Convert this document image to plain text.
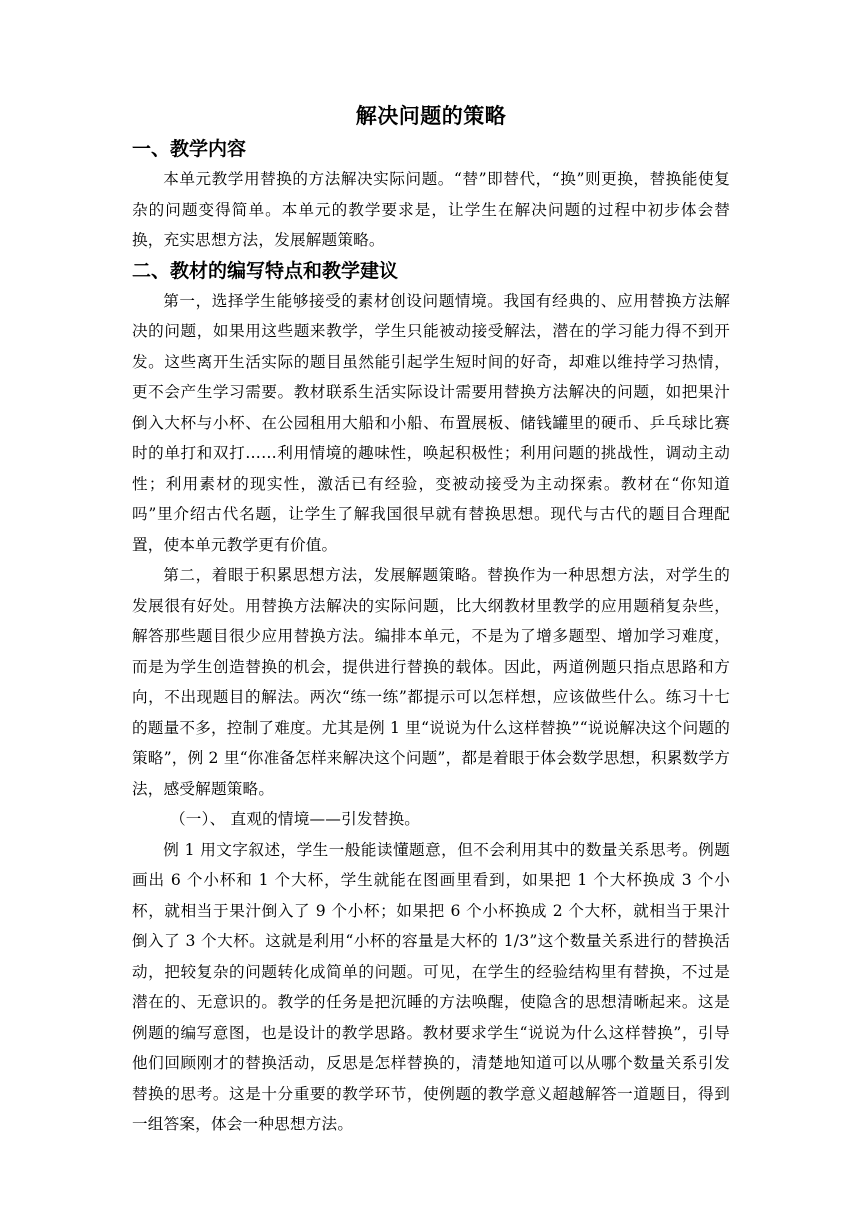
解决问题的策略
一、教学内容

本单元教学用替换的方法解决实际问题。“替”即替代，“换”则更换，替换能使复杂的问题变得简单。本单元的教学要求是，让学生在解决问题的过程中初步体会替换，充实思想方法，发展解题策略。

二、教材的编写特点和教学建议

第一，选择学生能够接受的素材创设问题情境。我国有经典的、应用替换方法解决的问题，如果用这些题来教学，学生只能被动接受解法，潜在的学习能力得不到开发。这些离开生活实际的题目虽然能引起学生短时间的好奇，却难以维持学习热情，更不会产生学习需要。教材联系生活实际设计需要用替换方法解决的问题，如把果汁倒入大杯与小杯、在公园租用大船和小船、布置展板、储钱罐里的硬币、乒乓球比赛时的单打和双打……利用情境的趣味性，唤起积极性；利用问题的挑战性，调动主动性；利用素材的现实性，激活已有经验，变被动接受为主动探索。教材在“你知道吗”里介绍古代名题，让学生了解我国很早就有替换思想。现代与古代的题目合理配置，使本单元教学更有价值。

第二，着眼于积累思想方法，发展解题策略。替换作为一种思想方法，对学生的发展很有好处。用替换方法解决的实际问题，比大纲教材里教学的应用题稍复杂些，解答那些题目很少应用替换方法。编排本单元，不是为了增多题型、增加学习难度，而是为学生创造替换的机会，提供进行替换的载体。因此，两道例题只指点思路和方向，不出现题目的解法。两次“练一练”都提示可以怎样想，应该做些什么。练习十七的题量不多，控制了难度。尤其是例 1 里“说说为什么这样替换”“说说解决这个问题的策略”，例 2 里“你准备怎样来解决这个问题”，都是着眼于体会数学思想，积累数学方法，感受解题策略。

（一）、 直观的情境——引发替换。

例 1 用文字叙述，学生一般能读懂题意，但不会利用其中的数量关系思考。例题画出 6 个小杯和 1 个大杯，学生就能在图画里看到，如果把 1 个大杯换成 3 个小杯，就相当于果汁倒入了 9 个小杯；如果把 6 个小杯换成 2 个大杯，就相当于果汁倒入了 3 个大杯。这就是利用“小杯的容量是大杯的 1/3”这个数量关系进行的替换活动，把较复杂的问题转化成简单的问题。可见，在学生的经验结构里有替换，不过是潜在的、无意识的。教学的任务是把沉睡的方法唤醒，使隐含的思想清晰起来。这是例题的编写意图，也是设计的教学思路。教材要求学生“说说为什么这样替换”，引导他们回顾刚才的替换活动，反思是怎样替换的，清楚地知道可以从哪个数量关系引发替换的思考。这是十分重要的教学环节，使例题的教学意义超越解答一道题目，得到一组答案，体会一种思想方法。
